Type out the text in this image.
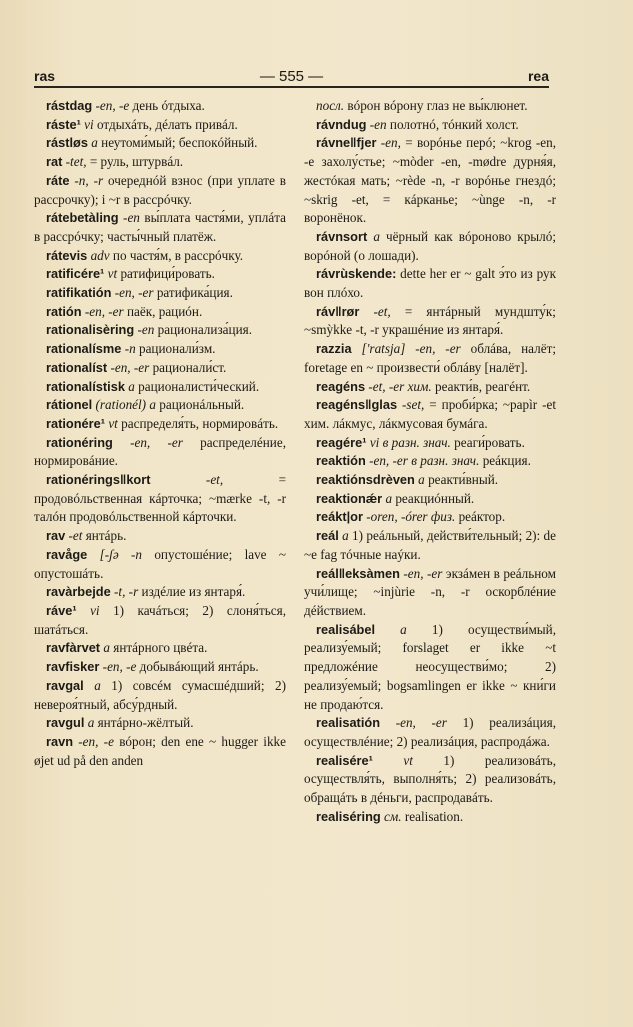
ras	— 555 —	rea

rástdag -en, -e день óтдыха.

ráste¹ vi отдыхáть, дéлать привáл.

rástløs a неутоми́мый; беспокóйный.

rat -tet, = руль, штурвáл.

ráte -n, -r очереднóй взнос (при уплате в рассрочку); i ~r в рассрóчку.

rátebetàling -en вы́плата частя́ми, уплáта в рассрóчку; часты́чный платёж.

rátevis adv по частя́м, в рассрóчку.

ratificére¹ vt ратифици́ровать.

ratifikatión -en, -er ратифика́ция.

ratión -en, -er паёк, рациóн.

rationalisèring -en рационализа́ция.

rationalísme -n рационали́зм.

rationalíst -en, -er рационали́ст.

rationalístisk a рационалисти́ческий.

rátionel (rationél) a рационáльный.

rationére¹ vt распределя́ть, нормировáть.

rationéring -en, -er распределéние, нормировáние.

rationérings‖kort -et, = продовóльственная кáрточка; ~mærke -t, -r талóн продовóльственной кáрточки.

rav -et янтáрь.

ravåge [-ʃə -n опустошéние; lave ~ опустошáть.

ravàrbejde -t, -r издéлие из янтаря́.

ráve¹ vi 1) качáться; 2) слоня́ться, шатáться.

ravfàrvet a янтáрного цвéта.

ravfisker -en, -e добывáющий янтáрь.

ravgal a 1) совсéм сумасшéдший; 2) невероя́тный, абсу́рдный.

ravgul a янтáрно-жёлтый.

ravn -en, -e вóрон; den ene ~ hugger ikke øjet ud på den anden

посл. вóрон вóрону глаз не вы́клюнет.

rávndug -en полотнó, тóнкий холст.

rávne‖fjer -en, = ворóнье перó; ~krog -en, -e захолу́стье; ~mòder -en, -mødre дурня́я, жестóкая мать; ~rède -n, -r ворóнье гнездó; ~skrig -et, = кáрканье; ~ùnge -n, -r воронёнок.

rávnsort a чёрный как вóроново крылó; ворóной (о лошади).

rávrùskende: dette her er ~ galt э́то из рук вон плóхо.

ráv‖rør -et, = янтáрный мундшту́к; ~smỳkke -t, -r украшéние из янтаря́.

razzia ['ratsja] -en, -er облáва, налёт; foretage en ~ произвести́ облáву [налёт].

reagéns -et, -er хим. реакти́в, реагéнт.

reagéns‖glas -set, = проби́рка; ~papìr -et хим. лáкмус, лáкмусовая бумáга.

reagére¹ vi в разн. знач. реаги́ровать.

reaktión -en, -er в разн. знач. реáкция.

reaktiónsdrèven a реакти́вный.

reaktionǽr a реакциóнный.

reákt|or -oren, -órer физ. реáктор.

reál a 1) реáльный, действи́тельный; 2): de ~e fag тóчные наýки.

reál‖eksàmen -en, -er экзáмен в реáльном учи́лище; ~injùrie -n, -r оскорблéние дéйствием.

realisábel a 1) осуществи́мый, реализу́емый; forslaget er ikke ~t предложéние неосуществи́мо; 2) реализу́емый; bogsamlingen er ikke ~ кни́ги не продаю́тся.

realisatión -en, -er 1) реализáция, осуществлéние; 2) реализáция, распродáжа.

realisére¹ vt 1) реализовáть, осуществля́ть, выполня́ть; 2) реализовáть, обращáть в дéньги, распродавáть.

realiséring см. realisation.
